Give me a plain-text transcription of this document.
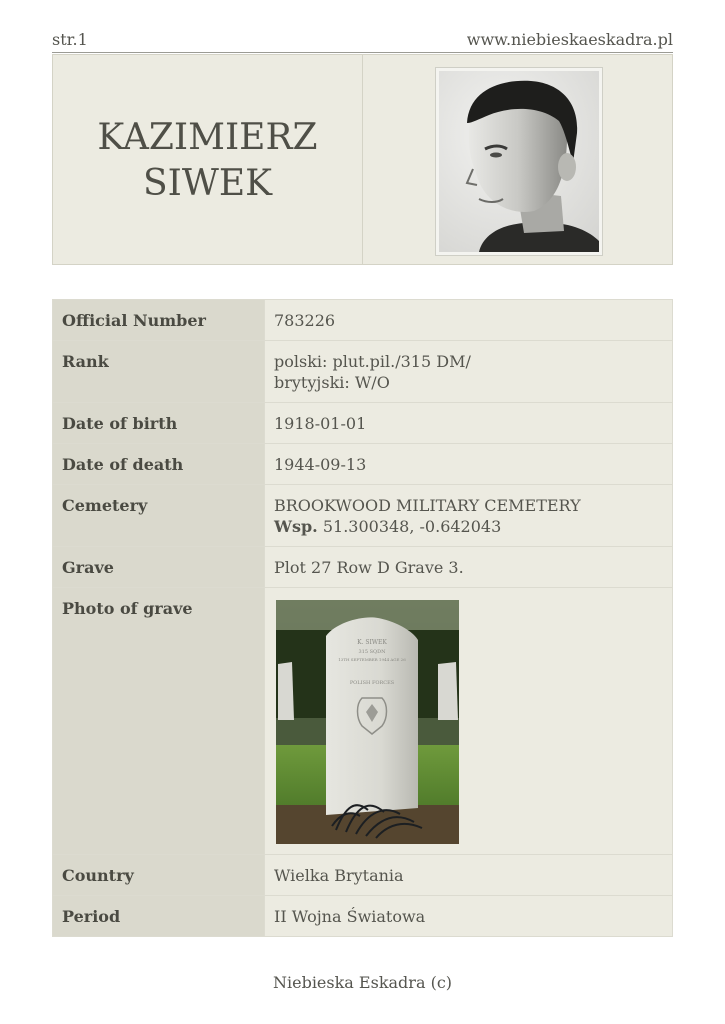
str.1	www.niebieskaeskadra.pl
KAZIMIERZ
SIWEK
Official Number	783226
Rank	polski: plut.pil./315 DM/
brytyjski: W/O

Date of birth	1918-01-01
Date of death	1944-09-13
Cemetery	BROOKWOOD MILITARY CEMETERY
Wsp. 51.300348, -0.642043

Grave	Plot 27 Row D Grave 3.
Photo of grave	K. SIWEK
315 SQDN
13TH SEPTEMBER 1944 AGE 26
POLISH FORCES

Country	Wielka Brytania
Period	II Wojna Światowa
Niebieska Eskadra (c)
